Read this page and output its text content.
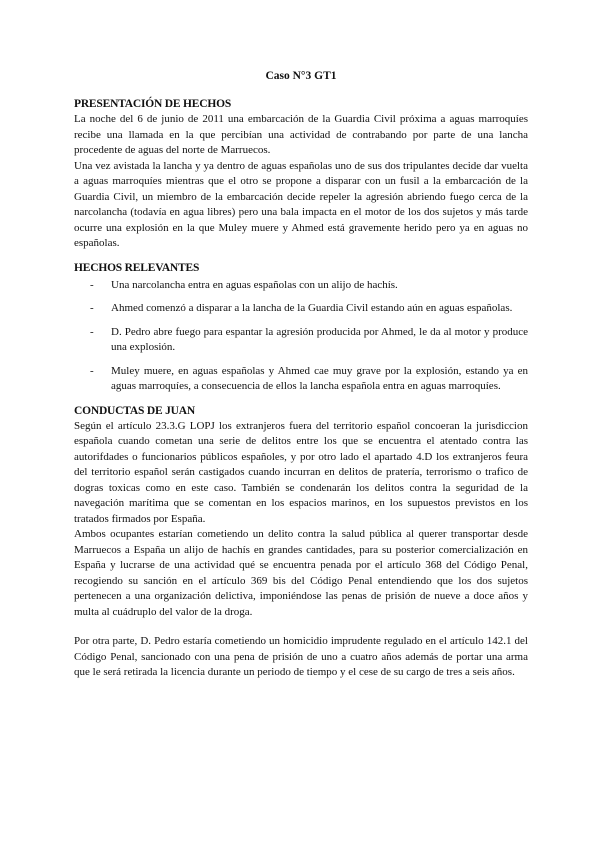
Caso N°3 GT1
PRESENTACIÓN DE HECHOS

La noche del 6 de junio de 2011 una embarcación de la Guardia Civil próxima a aguas marroquíes recibe una llamada en la que percibían una actividad de contrabando por parte de una lancha procedente de aguas del norte de Marruecos.

Una vez avistada la lancha y ya dentro de aguas españolas uno de sus dos tripulantes decide dar vuelta a aguas marroquíes mientras que el otro se propone a disparar con un fusil a la embarcación de la Guardia Civil, un miembro de la embarcación decide repeler la agresión abriendo fuego cerca de la narcolancha (todavía en agua libres) pero una bala impacta en el motor de los dos sujetos y más tarde ocurre una explosión en la que Muley muere y Ahmed está gravemente herido pero ya en aguas no españolas.

HECHOS RELEVANTES
- Una narcolancha entra en aguas españolas con un alijo de hachís.
- Ahmed comenzó a disparar a la lancha de la Guardia Civil estando aún en aguas españolas.
- D. Pedro abre fuego para espantar la agresión producida por Ahmed, le da al motor y produce una explosión.
- Muley muere, en aguas españolas y Ahmed cae muy grave por la explosión, estando ya en aguas marroquíes, a consecuencia de ellos la lancha española entra en aguas marroquíes.
CONDUCTAS DE JUAN

Según el artículo 23.3.G LOPJ los extranjeros fuera del territorio español concoeran la jurisdiccion española cuando cometan una serie de delitos entre los que se encuentra el atentado contra las autorifdades o funcionarios públicos españoles, y por otro lado el apartado 4.D los extranjeros feura del territorio español serán castigados cuando incurran en delitos de pratería, terrorismo o trafico de dogras toxicas como en este caso. También se condenarán los delitos contra la seguridad de la navegación marítima que se comentan en los espacios marinos, en los supuestos previstos en los tratados firmados por España.

Ambos ocupantes estarían cometiendo un delito contra la salud pública al querer transportar desde Marruecos a España un alijo de hachís en grandes cantidades, para su posterior comercialización en España y lucrarse de una actividad qué se encuentra penada por el artículo 368 del Código Penal, recogiendo su sanción en el artículo 369 bis del Código Penal entendiendo que los dos sujetos pertenecen a una organización delictiva, imponiéndose las penas de prisión de nueve a doce años y multa al cuádruplo del valor de la droga.

Por otra parte, D. Pedro estaría cometiendo un homicidio imprudente regulado en el artículo 142.1 del Código Penal, sancionado con una pena de prisión de uno a cuatro años además de portar una arma que le será retirada la licencia durante un periodo de tiempo y el cese de su cargo de tres a seis años.
